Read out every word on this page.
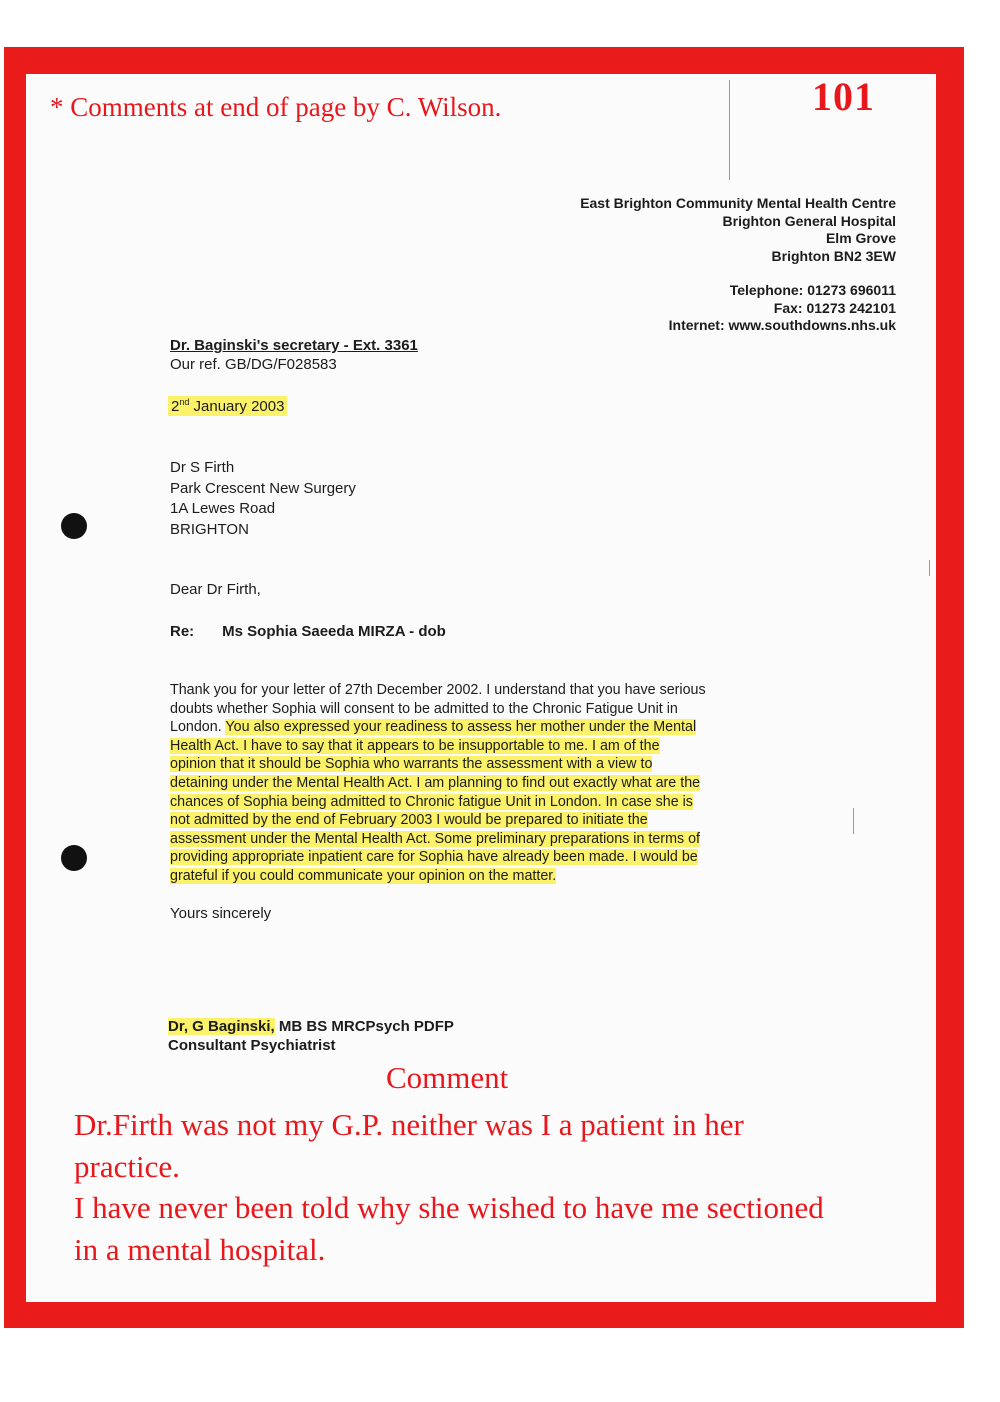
* Comments at end of page by C. Wilson.	101
East Brighton Community Mental Health Centre
Brighton General Hospital
Elm Grove
Brighton BN2 3EW
Telephone: 01273 696011
Fax: 01273 242101
Internet: www.southdowns.nhs.uk
Dr. Baginski's secretary - Ext. 3361
Our ref. GB/DG/F028583
2nd January 2003
Dr S Firth
Park Crescent New Surgery
1A Lewes Road
BRIGHTON
Dear Dr Firth,
Re: Ms Sophia Saeeda MIRZA - dob
Thank you for your letter of 27th December 2002. I understand that you have serious
doubts whether Sophia will consent to be admitted to the Chronic Fatigue Unit in
London. You also expressed your readiness to assess her mother under the Mental
Health Act. I have to say that it appears to be insupportable to me. I am of the
opinion that it should be Sophia who warrants the assessment with a view to
detaining under the Mental Health Act. I am planning to find out exactly what are the
chances of Sophia being admitted to Chronic fatigue Unit in London. In case she is
not admitted by the end of February 2003 I would be prepared to initiate the
assessment under the Mental Health Act. Some preliminary preparations in terms of
providing appropriate inpatient care for Sophia have already been made. I would be
grateful if you could communicate your opinion on the matter.
Yours sincerely
Dr, G Baginski, MB BS MRCPsych PDFP
Consultant Psychiatrist
Comment
Dr.Firth was not my G.P. neither was I a patient in her
practice.
I have never been told why she wished to have me sectioned
in a mental hospital.
